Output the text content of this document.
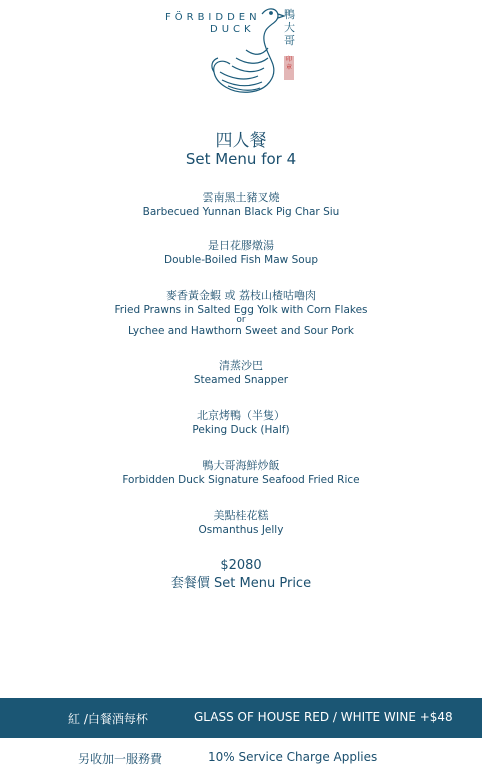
FÖRBIDDEN
DUCK
鴨
大
哥
印章
四人餐
Set Menu for 4
雲南黑土豬叉燒
Barbecued Yunnan Black Pig Char Siu
是日花膠燉湯
Double-Boiled Fish Maw Soup
麥香黃金蝦 或 荔枝山楂咕嚕肉
Fried Prawns in Salted Egg Yolk with Corn Flakes
or
Lychee and Hawthorn Sweet and Sour Pork
清蒸沙巴
Steamed Snapper
北京烤鴨（半隻）
Peking Duck (Half)
鴨大哥海鮮炒飯
Forbidden Duck Signature Seafood Fried Rice
美點桂花糕
Osmanthus Jelly
$2080
套餐價 Set Menu Price
紅 /白餐酒每杯	GLASS OF HOUSE RED / WHITE WINE +$48
另收加一服務費	10% Service Charge Applies
